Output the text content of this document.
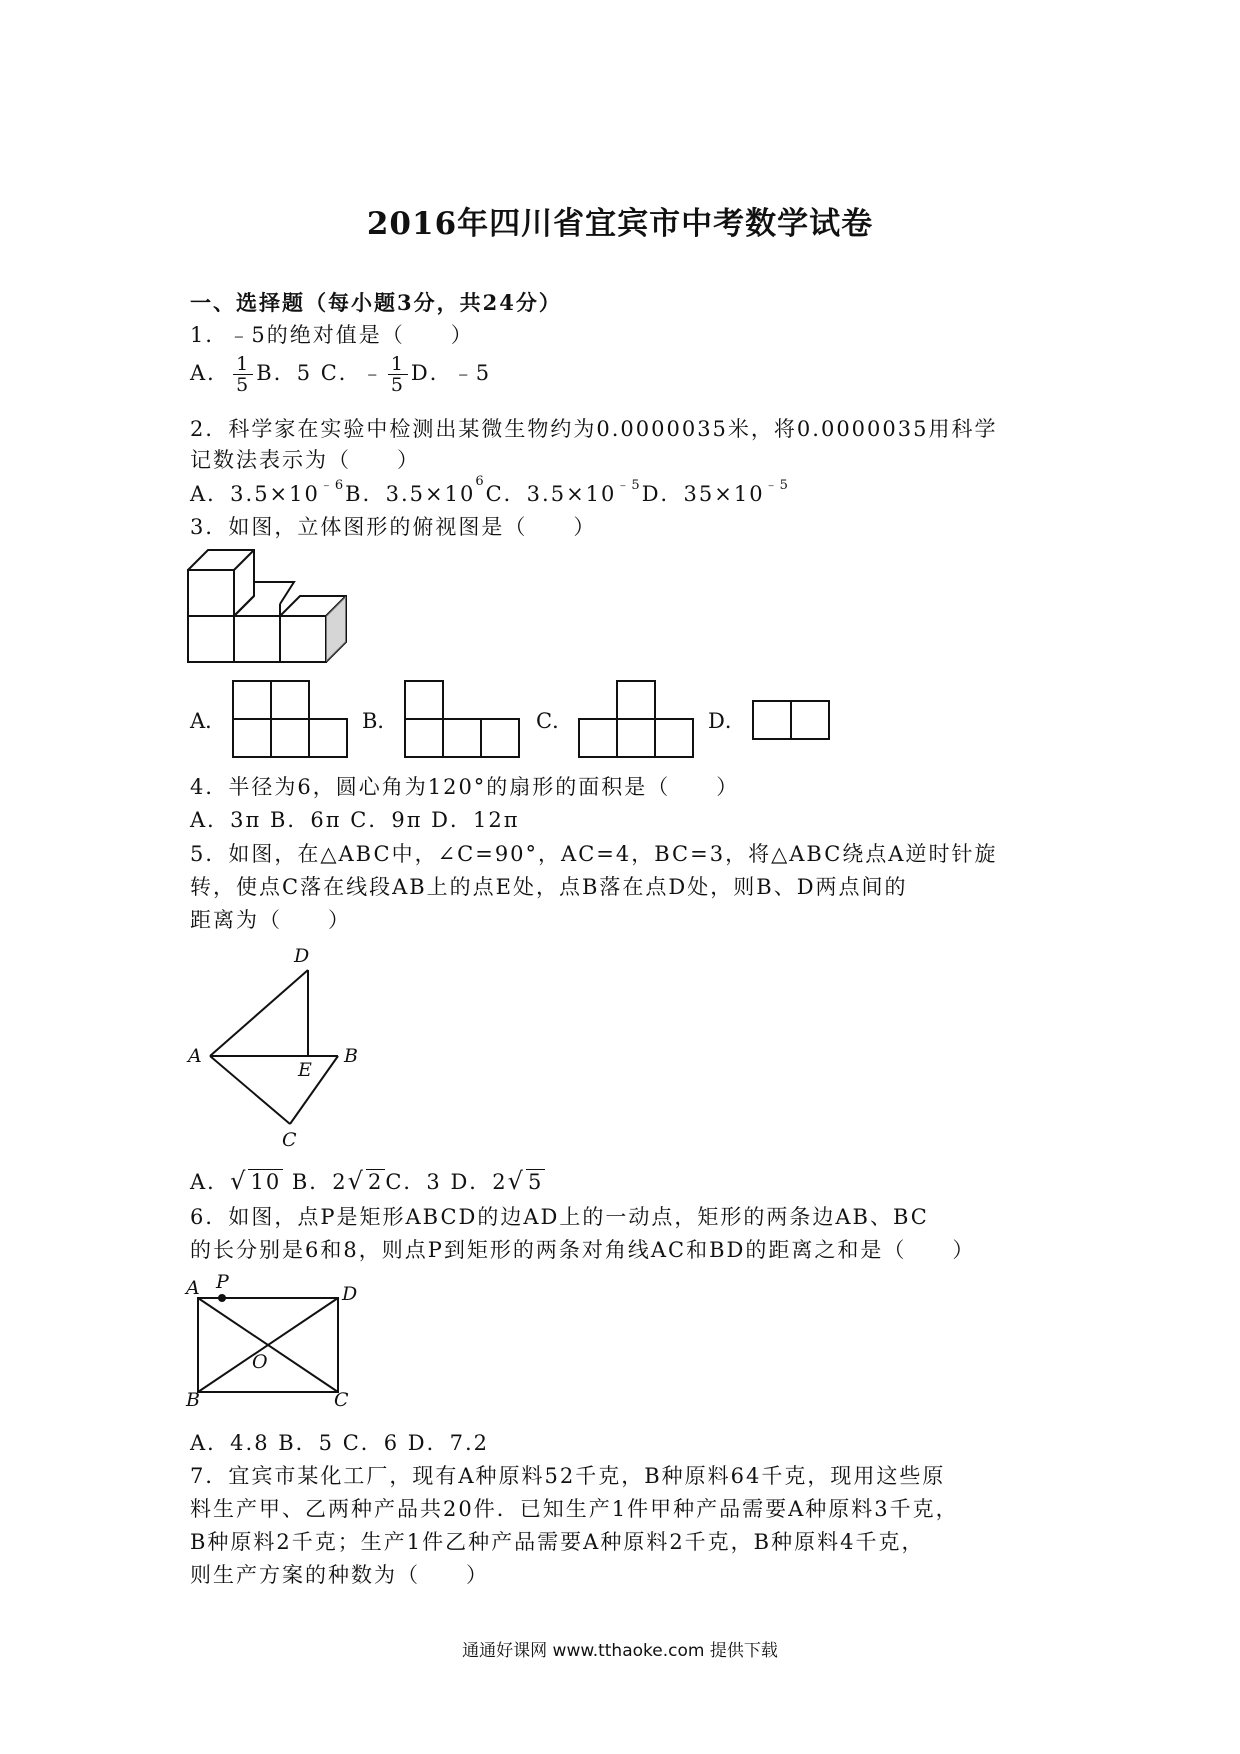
2016年四川省宜宾市中考数学试卷
一、选择题（每小题3分，共24分）
1．﹣5的绝对值是（　　）
A． $\frac{1}{5}$ B．5 C．﹣ $\frac{1}{5}$ D．﹣5
2．科学家在实验中检测出某微生物约为0.0000035米，将0.0000035用科学
记数法表示为（　　）
A．$3.5\times 10^{﹣6}B$．$3.5\times 10^6C$．$3.5\times 10^{﹣5}D$．$35\times 10^{﹣5}$
3．如图，立体图形的俯视图是（　　）
A．	B．	C．	D．
4．半径为6，圆心角为120°的扇形的面积是（　　）
A．3π B．6π C．9π D．12π
5．如图，在△ABC中，∠C=90°，AC=4，BC=3，将△ABC绕点A逆时针旋
转，使点C落在线段AB上的点E处，点B落在点D处，则B、D两点间的
距离为（　　）
D
A
E
B
C
A．√ 10 B．2√ 2C．3 D．2√ 5
6．如图，点P是矩形ABCD的边AD上的一动点，矩形的两条边AB、BC
的长分别是6和8，则点P到矩形的两条对角线AC和BD的距离之和是（　　）
A P
D
O
B	C
A．4.8 B．5 C．6 D．7.2
7．宜宾市某化工厂，现有A种原料52千克，B种原料64千克，现用这些原
料生产甲、乙两种产品共20件．已知生产1件甲种产品需要A种原料3千克，
B种原料2千克；生产1件乙种产品需要A种原料2千克，B种原料4千克，
则生产方案的种数为（　　）
通通好课网 www.tthaoke.com 提供下载
